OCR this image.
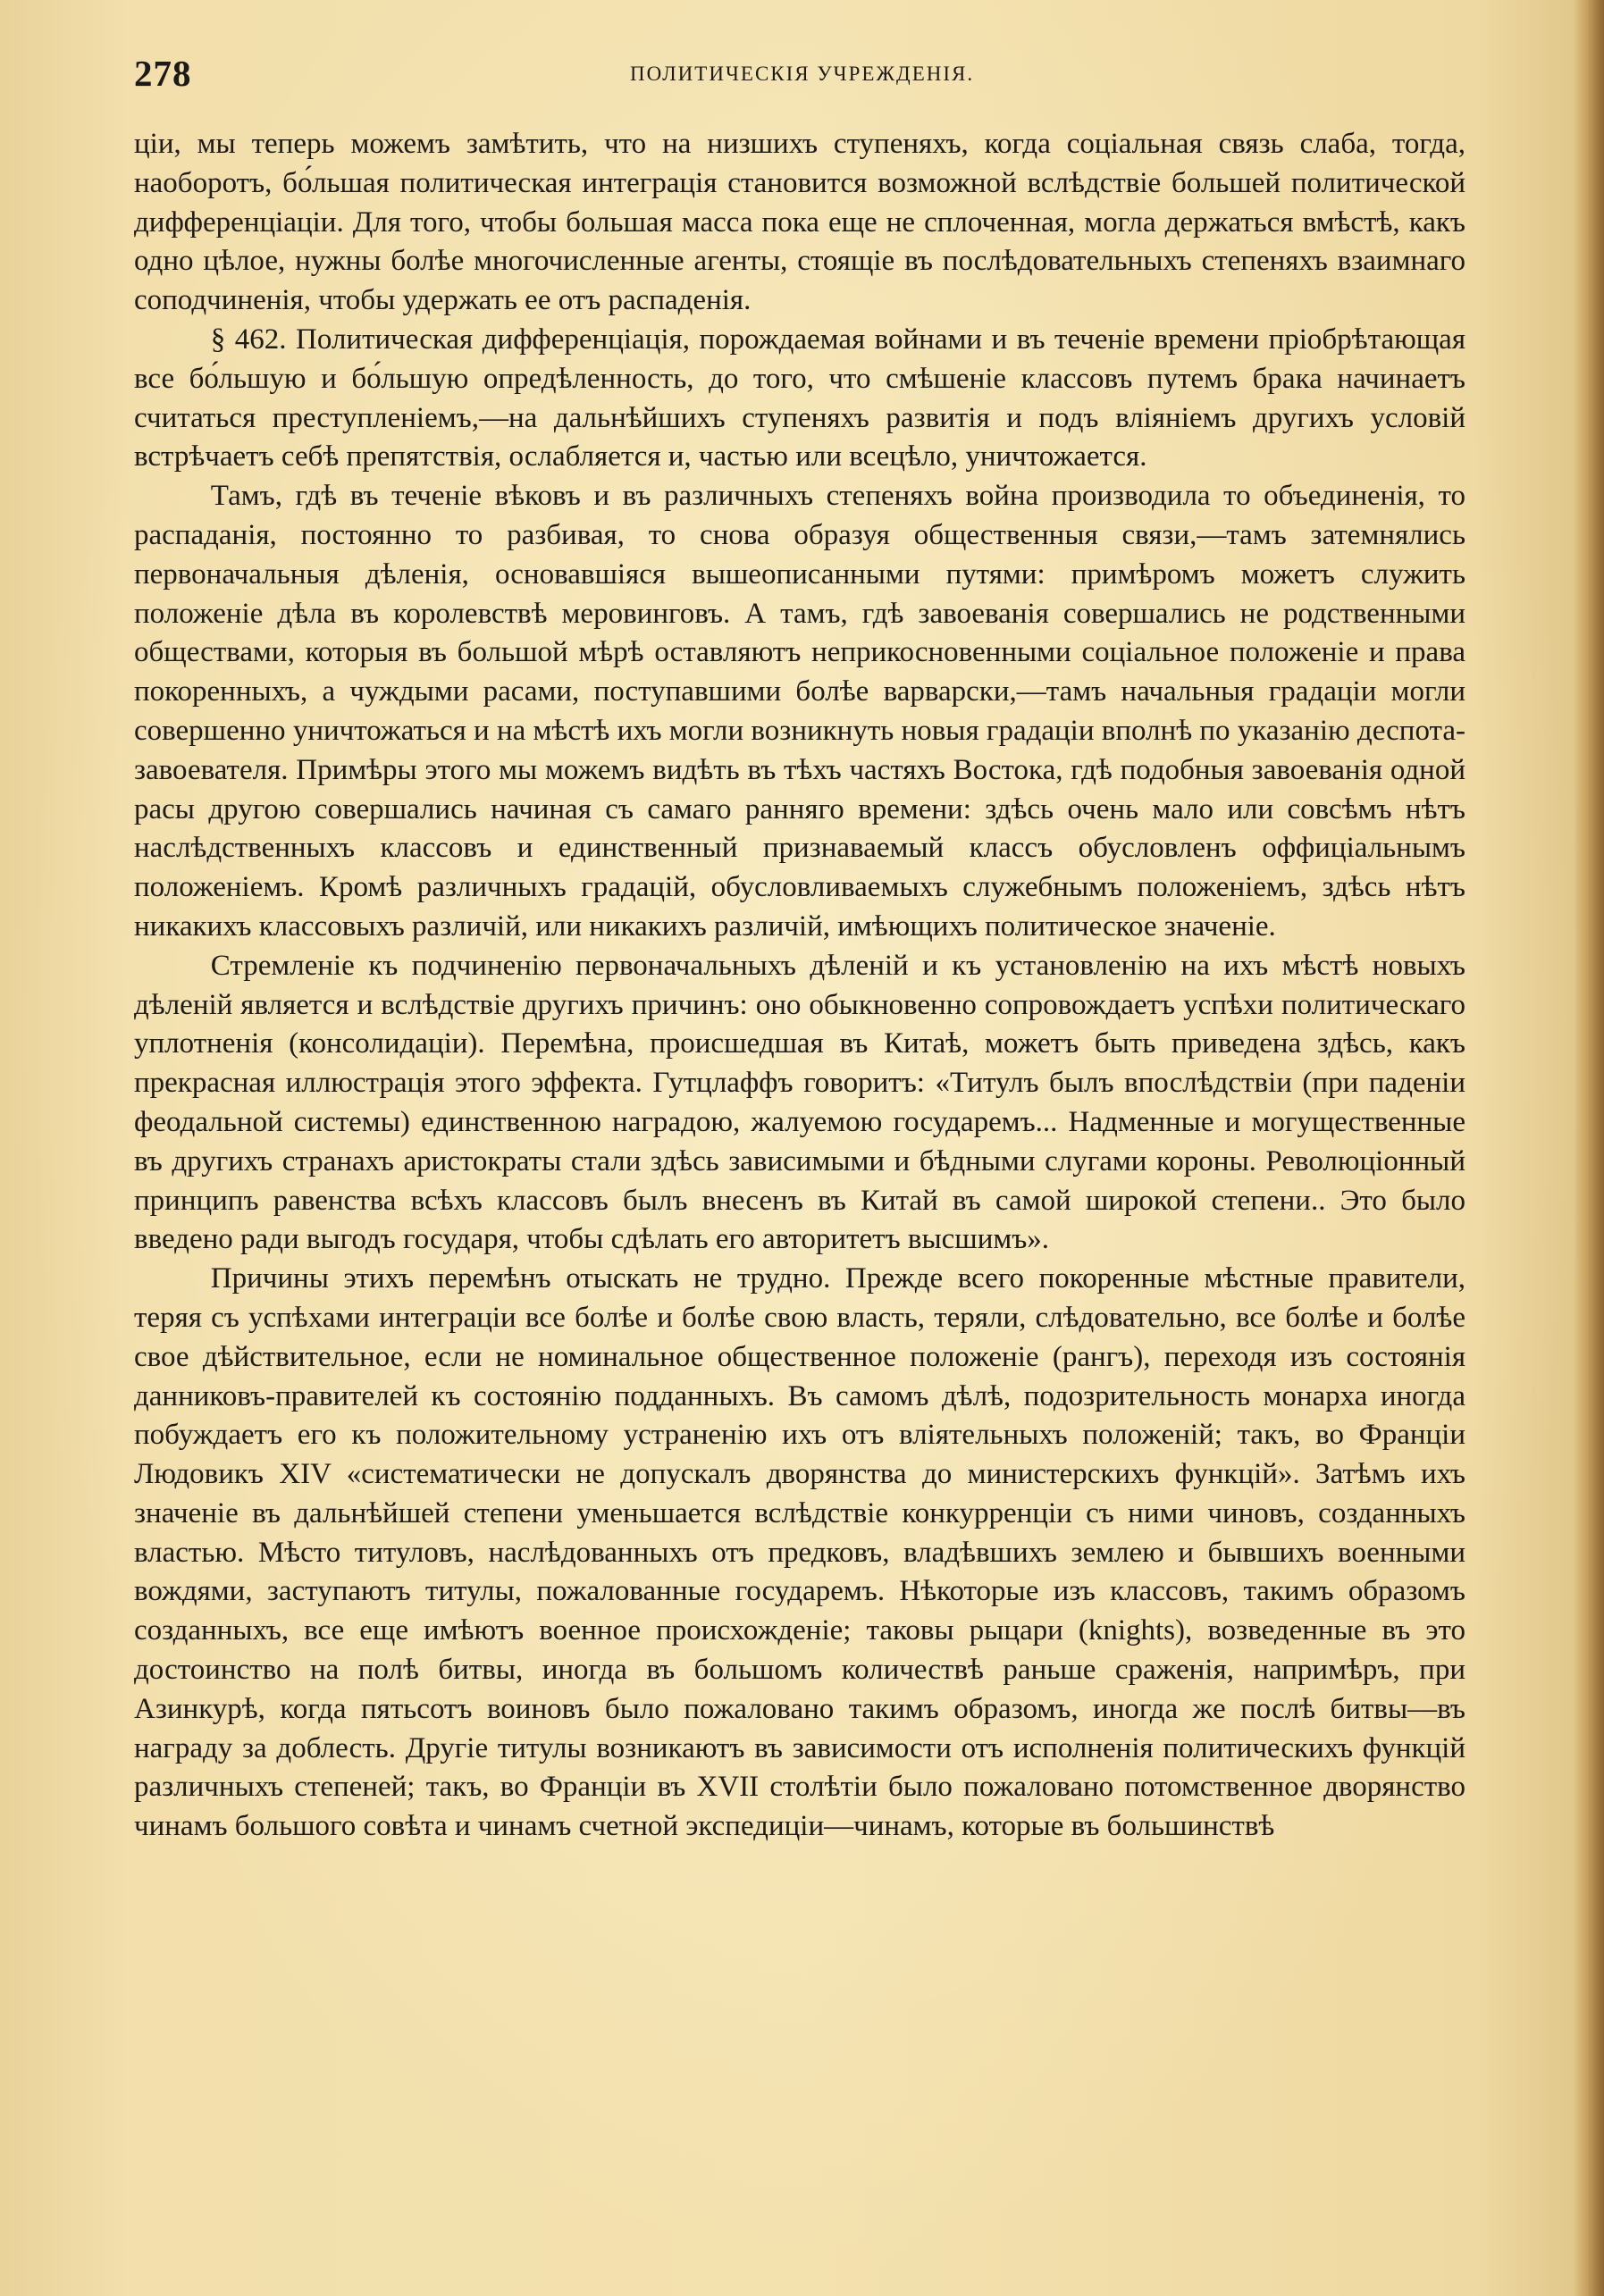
278	ПОЛИТИЧЕСКІЯ УЧРЕЖДЕНІЯ.

ціи, мы теперь можемъ замѣтить, что на низшихъ ступеняхъ, когда соціальная связь слаба, тогда, наоборотъ, бо́льшая политическая интеграція становится возможной вслѣдствіе большей политической дифференціаціи. Для того, чтобы большая масса пока еще не сплоченная, могла держаться вмѣстѣ, какъ одно цѣлое, нужны болѣе многочисленные агенты, стоящіе въ послѣдовательныхъ степеняхъ взаимнаго соподчиненія, чтобы удержать ее отъ распаденія.

§ 462. Политическая дифференціація, порождаемая войнами и въ теченіе времени пріобрѣтающая все бо́льшую и бо́льшую опредѣленность, до того, что смѣшеніе классовъ путемъ брака начинаетъ считаться преступленіемъ,—на дальнѣйшихъ ступеняхъ развитія и подъ вліяніемъ другихъ условій встрѣчаетъ себѣ препятствія, ослабляется и, частью или всецѣло, уничтожается.

Тамъ, гдѣ въ теченіе вѣковъ и въ различныхъ степеняхъ война производила то объединенія, то распаданія, постоянно то разбивая, то снова образуя общественныя связи,—тамъ затемнялись первоначальныя дѣленія, основавшіяся вышеописанными путями: примѣромъ можетъ служить положеніе дѣла въ королевствѣ меровинговъ. А тамъ, гдѣ завоеванія совершались не родственными обществами, которыя въ большой мѣрѣ оставляютъ неприкосновенными соціальное положеніе и права покоренныхъ, а чуждыми расами, поступавшими болѣе варварски,—тамъ начальныя градаціи могли совершенно уничтожаться и на мѣстѣ ихъ могли возникнуть новыя градаціи вполнѣ по указанію деспота-завоевателя. Примѣры этого мы можемъ видѣть въ тѣхъ частяхъ Востока, гдѣ подобныя завоеванія одной расы другою совершались начиная съ самаго ранняго времени: здѣсь очень мало или совсѣмъ нѣтъ наслѣдственныхъ классовъ и единственный признаваемый классъ обусловленъ оффиціальнымъ положеніемъ. Кромѣ различныхъ градацій, обусловливаемыхъ служебнымъ положеніемъ, здѣсь нѣтъ никакихъ классовыхъ различій, или никакихъ различій, имѣющихъ политическое значеніе.

Стремленіе къ подчиненію первоначальныхъ дѣленій и къ установленію на ихъ мѣстѣ новыхъ дѣленій является и вслѣдствіе другихъ причинъ: оно обыкновенно сопровождаетъ успѣхи политическаго уплотненія (консолидаціи). Перемѣна, происшедшая въ Китаѣ, можетъ быть приведена здѣсь, какъ прекрасная иллюстрація этого эффекта. Гутцлаффъ говоритъ: «Титулъ былъ впослѣдствіи (при паденіи феодальной системы) единственною наградою, жалуемою государемъ... Надменные и могущественные въ другихъ странахъ аристократы стали здѣсь зависимыми и бѣдными слугами короны. Революціонный принципъ равенства всѣхъ классовъ былъ внесенъ въ Китай въ самой широкой степени.. Это было введено ради выгодъ государя, чтобы сдѣлать его авторитетъ высшимъ».

Причины этихъ перемѣнъ отыскать не трудно. Прежде всего покоренные мѣстные правители, теряя съ успѣхами интеграціи все болѣе и болѣе свою власть, теряли, слѣдовательно, все болѣе и болѣе свое дѣйствительное, если не номинальное общественное положеніе (рангъ), переходя изъ состоянія данниковъ-правителей къ состоянію подданныхъ. Въ самомъ дѣлѣ, подозрительность монарха иногда побуждаетъ его къ положительному устраненію ихъ отъ вліятельныхъ положеній; такъ, во Франціи Людовикъ XIV «систематически не допускалъ дворянства до министерскихъ функцій». Затѣмъ ихъ значеніе въ дальнѣйшей степени уменьшается вслѣдствіе конкурренціи съ ними чиновъ, созданныхъ властью. Мѣсто титуловъ, наслѣдованныхъ отъ предковъ, владѣвшихъ землею и бывшихъ военными вождями, заступаютъ титулы, пожалованные государемъ. Нѣкоторые изъ классовъ, такимъ образомъ созданныхъ, все еще имѣютъ военное происхожденіе; таковы рыцари (knights), возведенные въ это достоинство на полѣ битвы, иногда въ большомъ количествѣ раньше сраженія, напримѣръ, при Азинкурѣ, когда пятьсотъ воиновъ было пожаловано такимъ образомъ, иногда же послѣ битвы—въ награду за доблесть. Другіе титулы возникаютъ въ зависимости отъ исполненія политическихъ функцій различныхъ степеней; такъ, во Франціи въ XVII столѣтіи было пожаловано потомственное дворянство чинамъ большого совѣта и чинамъ счетной экспедиціи—чинамъ, которые въ большинствѣ
